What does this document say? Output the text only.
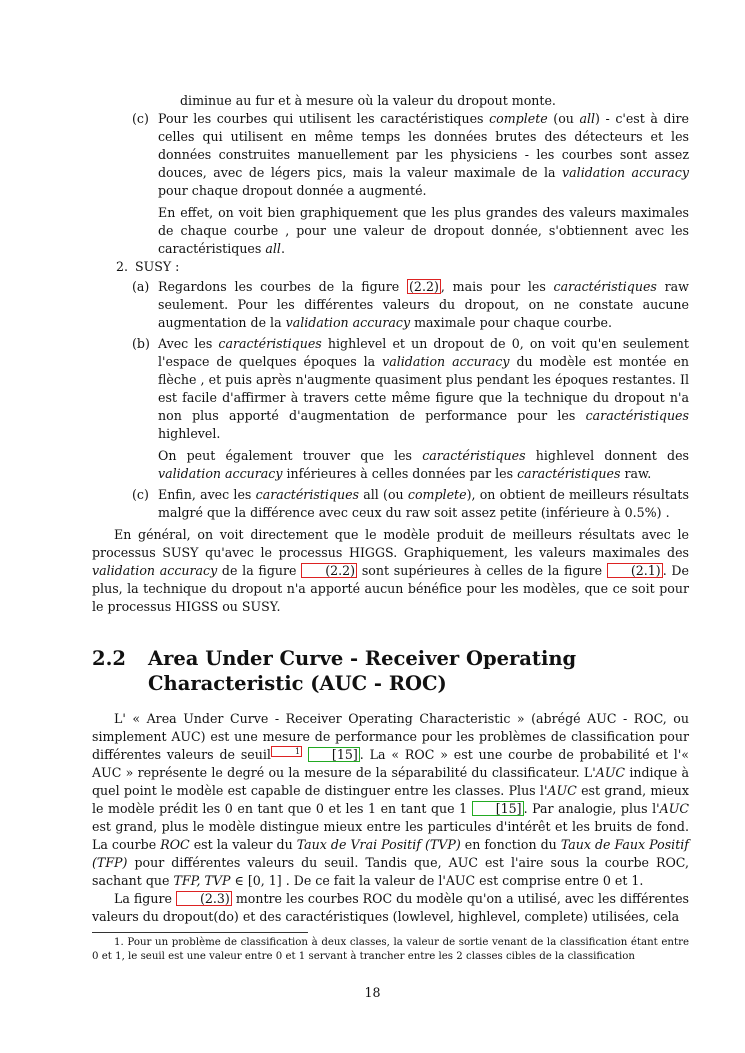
diminue au fur et à mesure où la valeur du dropout monte.

(c) Pour les courbes qui utilisent les caractéristiques complete (ou all) - c'est à dire celles qui utilisent en même temps les données brutes des détecteurs et les données construites manuellement par les physiciens - les courbes sont assez douces, avec de légers pics, mais la valeur maximale de la validation accuracy pour chaque dropout donnée a augmenté.

En effet, on voit bien graphiquement que les plus grandes des valeurs maximales de chaque courbe , pour une valeur de dropout donnée, s'obtiennent avec les caractéristiques all.

2. SUSY :

(a) Regardons les courbes de la figure (2.2) , mais pour les caractéristiques raw seulement. Pour les différentes valeurs du dropout, on ne constate aucune augmentation de la validation accuracy maximale pour chaque courbe.

(b) Avec les caractéristiques highlevel et un dropout de 0, on voit qu'en seulement l'espace de quelques époques la validation accuracy du modèle est montée en flèche , et puis après n'augmente quasiment plus pendant les époques restantes. Il est facile d'affirmer à travers cette même figure que la technique du dropout n'a non plus apporté d'augmentation de performance pour les caractéristiques highlevel.

On peut également trouver que les caractéristiques highlevel donnent des validation accuracy inférieures à celles données par les caractéristiques raw.

(c) Enfin, avec les caractéristiques all (ou complete), on obtient de meilleurs résultats malgré que la différence avec ceux du raw soit assez petite (inférieure à 0.5%) .

En général, on voit directement que le modèle produit de meilleurs résultats avec le processus SUSY qu'avec le processus HIGGS. Graphiquement, les valeurs maximales des validation accuracy de la figure (2.2) sont supérieures à celles de la figure (2.1) . De plus, la technique du dropout n'a apporté aucun bénéfice pour les modèles, que ce soit pour le processus HIGSS ou SUSY.

2.2 Area Under Curve - Receiver Operating Characteristic (AUC - ROC)

L' « Area Under Curve - Receiver Operating Characteristic » (abrégé AUC - ROC, ou simplement AUC) est une mesure de performance pour les problèmes de classification pour différentes valeurs de seuil	$^1$	[15] . La « ROC » est une courbe de probabilité et l'« AUC » représente le degré ou la mesure de la séparabilité du classificateur. L'AUC indique à quel point le modèle est capable de distinguer entre les classes. Plus l'AUC est grand, mieux le modèle prédit les 0 en tant que 0 et les 1 en tant que 1 [15] . Par analogie, plus l'AUC est grand, plus le modèle distingue mieux entre les particules d'intérêt et les bruits de fond. La courbe ROC est la valeur du Taux de Vrai Positif (TVP) en fonction du Taux de Faux Positif (TFP) pour différentes valeurs du seuil. Tandis que, AUC est l'aire sous la courbe ROC, sachant que TFP, TVP ∈ [0, 1] . De ce fait la valeur de l'AUC est comprise entre 0 et 1.

La figure (2.3) montre les courbes ROC du modèle qu'on a utilisé, avec les différentes valeurs du dropout(do) et des caractéristiques (lowlevel, highlevel, complete) utilisées, cela

1. Pour un problème de classification à deux classes, la valeur de sortie venant de la classification étant entre 0 et 1, le seuil est une valeur entre 0 et 1 servant à trancher entre les 2 classes cibles de la classification

18
